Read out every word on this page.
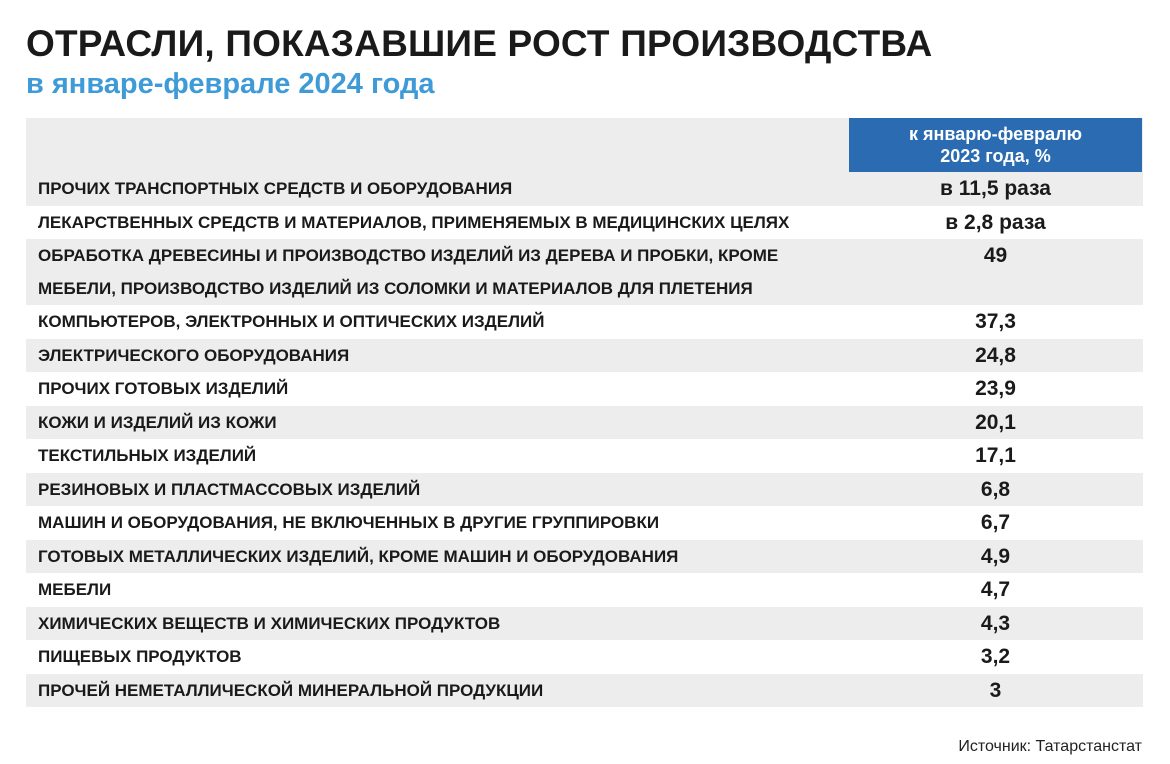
ОТРАСЛИ, ПОКАЗАВШИЕ РОСТ ПРОИЗВОДСТВА
в январе-феврале 2024 года
к январю-февралю
2023 года, %
ПРОЧИХ ТРАНСПОРТНЫХ СРЕДСТВ И ОБОРУДОВАНИЯ	в 11,5 раза
ЛЕКАРСТВЕННЫХ СРЕДСТВ И МАТЕРИАЛОВ, ПРИМЕНЯЕМЫХ В МЕДИЦИНСКИХ ЦЕЛЯХ	в 2,8 раза
ОБРАБОТКА ДРЕВЕСИНЫ И ПРОИЗВОДСТВО ИЗДЕЛИЙ ИЗ ДЕРЕВА И ПРОБКИ, КРОМЕ
МЕБЕЛИ, ПРОИЗВОДСТВО ИЗДЕЛИЙ ИЗ СОЛОМКИ И МАТЕРИАЛОВ ДЛЯ ПЛЕТЕНИЯ
49
КОМПЬЮТЕРОВ, ЭЛЕКТРОННЫХ И ОПТИЧЕСКИХ ИЗДЕЛИЙ	37,3
ЭЛЕКТРИЧЕСКОГО ОБОРУДОВАНИЯ	24,8
ПРОЧИХ ГОТОВЫХ ИЗДЕЛИЙ	23,9
КОЖИ И ИЗДЕЛИЙ ИЗ КОЖИ	20,1
ТЕКСТИЛЬНЫХ ИЗДЕЛИЙ	17,1
РЕЗИНОВЫХ И ПЛАСТМАССОВЫХ ИЗДЕЛИЙ	6,8
МАШИН И ОБОРУДОВАНИЯ, НЕ ВКЛЮЧЕННЫХ В ДРУГИЕ ГРУППИРОВКИ	6,7
ГОТОВЫХ МЕТАЛЛИЧЕСКИХ ИЗДЕЛИЙ, КРОМЕ МАШИН И ОБОРУДОВАНИЯ	4,9
МЕБЕЛИ	4,7
ХИМИЧЕСКИХ ВЕЩЕСТВ И ХИМИЧЕСКИХ ПРОДУКТОВ	4,3
ПИЩЕВЫХ ПРОДУКТОВ	3,2
ПРОЧЕЙ НЕМЕТАЛЛИЧЕСКОЙ МИНЕРАЛЬНОЙ ПРОДУКЦИИ	3
Источник: Татарстанстат
